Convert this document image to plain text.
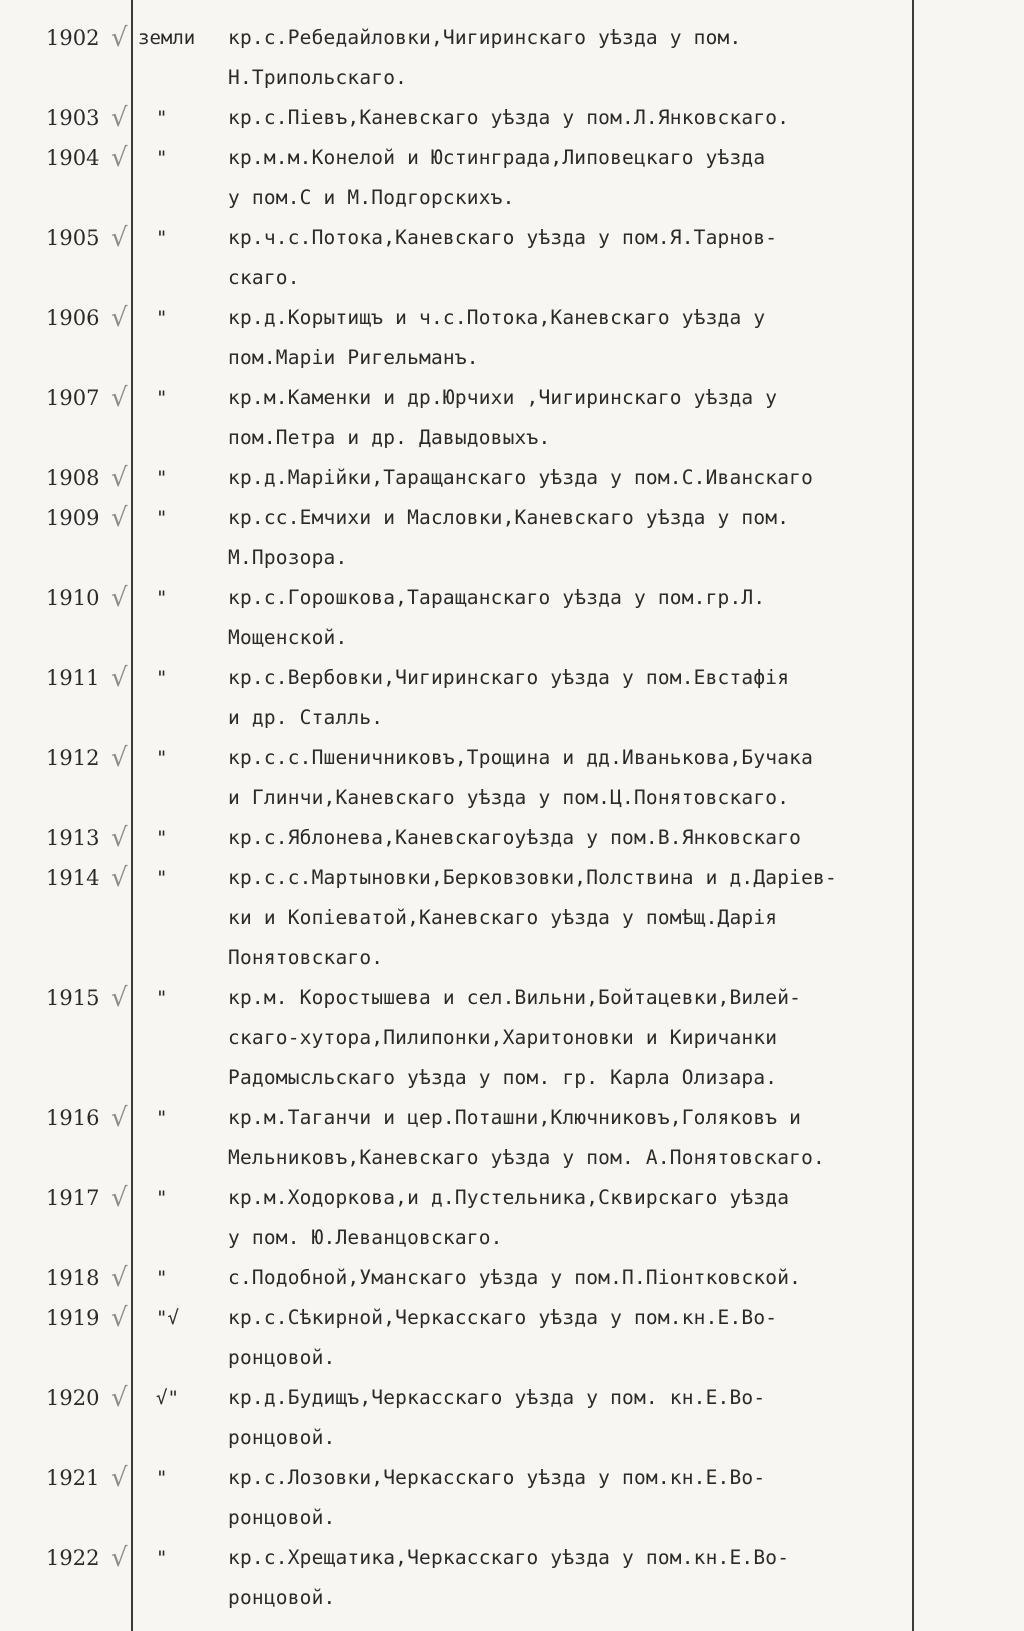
1902 √ земли кр.с.Ребедайловки,Чигиринскаго уѣзда у пом.
Н.Трипольскаго.
1903 √ "	кр.с.Піевъ,Каневскаго уѣзда у пом.Л.Янковскаго.
1904 √ "	кр.м.м.Конелой и Юстинграда,Липовецкаго уѣзда
у пом.С и М.Подгорскихъ.
1905 √ "	кр.ч.с.Потока,Каневскаго уѣзда у пом.Я.Тарнов-
скаго.
1906 √ "	кр.д.Корытищъ и ч.с.Потока,Каневскаго уѣзда у
пом.Маріи Ригельманъ.
1907 √ "	кр.м.Каменки и др.Юрчихи ,Чигиринскаго уѣзда у
пом.Петра и др. Давыдовыхъ.
1908 √ "	кр.д.Марійки,Таращанскаго уѣзда у пом.С.Иванскаго
1909 √ "	кр.сс.Емчихи и Масловки,Каневскаго уѣзда у пом.
М.Прозора.
1910 √ "	кр.с.Горошкова,Таращанскаго уѣзда у пом.гр.Л.
Мощенской.
1911 √ "	кр.с.Вербовки,Чигиринскаго уѣзда у пом.Евстафія
и др. Сталль.
1912 √ "	кр.с.с.Пшеничниковъ,Трощина и дд.Иванькова,Бучака
и Глинчи,Каневскаго уѣзда у пом.Ц.Понятовскаго.
1913 √ "	кр.с.Яблонева,Каневскагоуѣзда у пом.В.Янковскаго
1914 √ "	кр.с.с.Мартыновки,Берковзовки,Полствина и д.Даріев-
ки и Копіеватой,Каневскаго уѣзда у помѣщ.Дарія
Понятовскаго.
1915 √ "	кр.м. Коростышева и сел.Вильни,Бойтацевки,Вилей-
скаго-хутора,Пилипонки,Харитоновки и Киричанки
Радомысльскаго уѣзда у пом. гр. Карла Олизара.
1916 √ "	кр.м.Таганчи и цер.Поташни,Ключниковъ,Голяковъ и
Мельниковъ,Каневскаго уѣзда у пом. А.Понятовскаго.
1917 √ "	кр.м.Ходоркова,и д.Пустельника,Сквирскаго уѣзда
у пом. Ю.Леванцовскаго.
1918 √ "	с.Подобной,Уманскаго уѣзда у пом.П.Піонтковской.
1919 √ "√	кр.с.Сѣкирной,Черкасскаго уѣзда у пом.кн.Е.Во-
ронцовой.
1920 √ √"	кр.д.Будищъ,Черкасскаго уѣзда у пом. кн.Е.Во-
ронцовой.
1921 √ "	кр.с.Лозовки,Черкасскаго уѣзда у пом.кн.Е.Во-
ронцовой.
1922 √ "	кр.с.Хрещатика,Черкасскаго уѣзда у пом.кн.Е.Во-
ронцовой.
